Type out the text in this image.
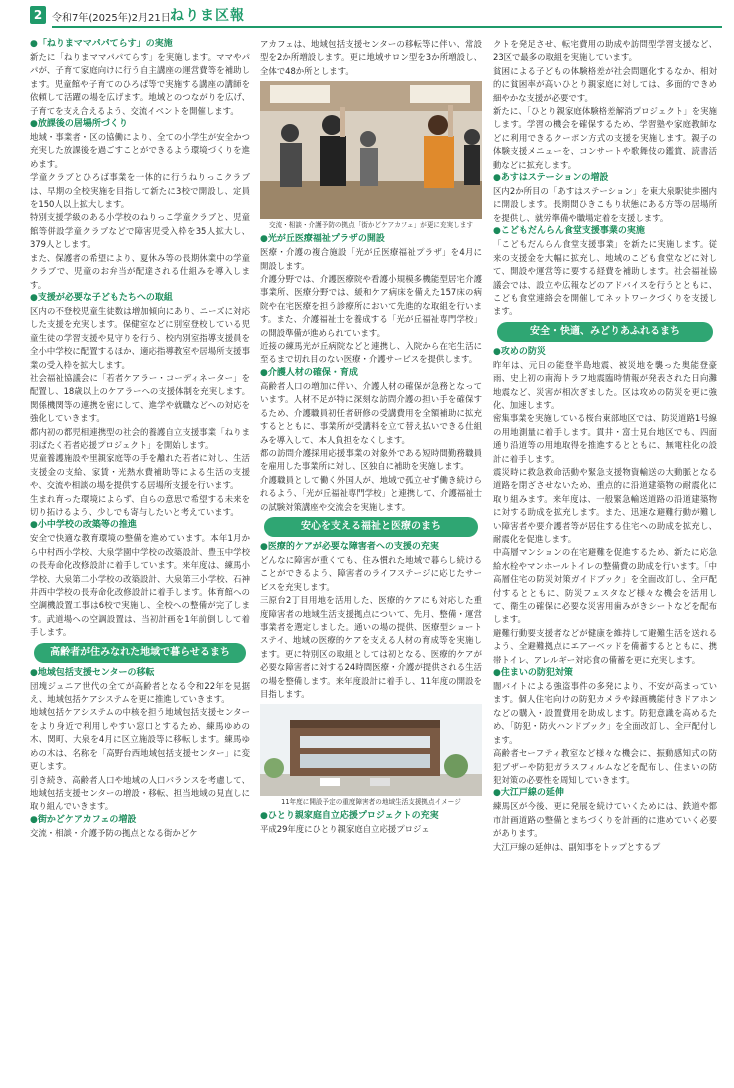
2 令和7年(2025年)2月21日 ねりま区報

●「ねりまママパパてらす」の実施

新たに「ねりまママパパてらす」を実施します。ママやパパが、子育て家庭向けに行う自主講座の運営費等を補助します。児童館や子育てのひろば等で実施する講座の講師を依頼して活躍の場を広げます。地域とのつながりを広げ、子育てを支え合えるよう、交流イベントを開催します。

●放課後の居場所づくり

地域・事業者・区の協働により、全ての小学生が安全かつ充実した放課後を過ごすことができるよう環境づくりを進めます。

学童クラブとひろば事業を一体的に行うねりっこクラブは、早期の全校実施を目指して新たに3校で開設し、定員を150人以上拡大します。

特別支援学級のある小学校のねりっこ学童クラブと、児童館等併設学童クラブなどで障害児受入枠を35人拡大し、379人とします。

また、保護者の希望により、夏休み等の長期休業中の学童クラブで、児童のお弁当が配達される仕組みを導入します。

●支援が必要な子どもたちへの取組

区内の不登校児童生徒数は増加傾向にあり、ニーズに対応した支援を充実します。保健室などに別室登校している児童生徒の学習支援や見守りを行う、校内別室指導支援員を全小中学校に配置するほか、適応指導教室や居場所支援事業の受入枠を拡大します。

社会福祉協議会に「若者ケアラー・コーディネーター」を配置し、18歳以上のケアラーへの支援体制を充実します。関係機関等の連携を密にして、進学や就職などへの対応を強化していきます。

都内初の都児相連携型の社会的養護自立支援事業「ねりま羽ばたく若者応援プロジェクト」を開始します。

児童養護施設や里親家庭等の手を離れた若者に対し、生活支援金の支給、家賃・光熱水費補助等による生活の支援や、交流や相談の場を提供する居場所支援を行います。

生まれ育った環境によらず、自らの意思で希望する未来を切り拓けるよう、少しでも寄与したいと考えています。

●小中学校の改築等の推進

安全で快適な教育環境の整備を進めています。本年1月から中村西小学校、大泉学園中学校の改築設計、豊玉中学校の長寿命化改修設計に着手しています。来年度は、練馬小学校、大泉第二小学校の改築設計、大泉第三小学校、石神井西中学校の長寿命化改修設計に着手します。体育館への空調機設置工事は6校で実施し、全校への整備が完了します。武道場への空調設置は、当初計画を1年前倒しして着手します。

高齢者が住みなれた地域で暮らせるまち

●地域包括支援センターの移転

団塊ジュニア世代の全てが高齢者となる令和22年を見据え、地域包括ケアシステムを更に推進していきます。

地域包括ケアシステムの中核を担う地域包括支援センターをより身近で利用しやすい窓口とするため、練馬ゆめの木、関町、大泉を4月に区立施設等に移転します。練馬ゆめの木は、名称を「高野台西地域包括支援センター」に変更します。

引き続き、高齢者人口や地域の人口バランスを考慮して、地域包括支援センターの増設・移転、担当地域の見直しに取り組んでいきます。

●街かどケアカフェの増設

交流・相談・介護予防の拠点となる街かどケ

アカフェは、地域包括支援センターの移転等に伴い、常設型を2か所増設します。更に地域サロン型を3か所増設し、全体で48か所とします。

交流・相談・介護予防の拠点「街かどケアカフェ」が更に充実します

●光が丘医療福祉プラザの開設

医療・介護の複合施設「光が丘医療福祉プラザ」を4月に開設します。

介護分野では、介護医療院や看護小規模多機能型居宅介護事業所、医療分野では、緩和ケア病床を備えた157床の病院や在宅医療を担う診療所において先進的な取組を行います。また、介護福祉士を養成する「光が丘福祉専門学校」の開設準備が進められています。

近接の練馬光が丘病院などと連携し、入院から在宅生活に至るまで切れ目のない医療・介護サービスを提供します。

●介護人材の確保・育成

高齢者人口の増加に伴い、介護人材の確保が急務となっています。人材不足が特に深刻な訪問介護の担い手を確保するため、介護職員初任者研修の受講費用を全額補助に拡充するとともに、事業所が受講料を立て替え払いできる仕組みを導入して、本人負担をなくします。

都の訪問介護採用応援事業の対象外である短時間勤務職員を雇用した事業所に対し、区独自に補助を実施します。

介護職員として働く外国人が、地域で孤立せず働き続けられるよう、「光が丘福祉専門学校」と連携して、介護福祉士の試験対策講座や交流会を実施します。

安心を支える福祉と医療のまち

●医療的ケアが必要な障害者への支援の充実

どんなに障害が重くても、住み慣れた地域で暮らし続けることができるよう、障害者のライフステージに応じたサービスを充実します。

三原台2丁目用地を活用した、医療的ケアにも対応した重度障害者の地域生活支援拠点について、先月、整備・運営事業者を選定しました。通いの場の提供、医療型ショートステイ、地域の医療的ケアを支える人材の育成等を実施します。更に特別区の取組としては初となる、医療的ケアが必要な障害者に対する24時間医療・介護が提供される生活の場を整備します。来年度設計に着手し、11年度の開設を目指します。

11年度に開設予定の重度障害者の地域生活支援拠点イメージ

●ひとり親家庭自立応援プロジェクトの充実

平成29年度にひとり親家庭自立応援プロジェ

クトを発足させ、転宅費用の助成や訪問型学習支援など、23区で最多の取組を実施しています。

貧困による子どもの体験格差が社会問題化するなか、相対的に貧困率が高いひとり親家庭に対しては、多面的できめ細やかな支援が必要です。

新たに、「ひとり親家庭体験格差解消プロジェクト」を実施します。学習の機会を確保するため、学習塾や家庭教師などに利用できるクーポン方式の支援を実施します。親子の体験支援メニューを、コンサートや歌舞伎の鑑賞、読書活動などに拡充します。

●あすはステーションの増設

区内2か所目の「あすはステーション」を東大泉駅徒歩圏内に開設します。長期間ひきこもり状態にある方等の居場所を提供し、就労準備や職場定着を支援します。

●こどもだんらん食堂支援事業の実施

「こどもだんらん食堂支援事業」を新たに実施します。従来の支援金を大幅に拡充し、地域のこども食堂などに対して、開設や運営等に要する経費を補助します。社会福祉協議会では、設立や広報などのアドバイスを行うとともに、こども食堂連絡会を開催してネットワークづくりを支援します。

安全・快適、みどりあふれるまち

●攻めの防災

昨年は、元日の能登半島地震、被災地を襲った奥能登豪雨、史上初の南海トラフ地震臨時情報が発表された日向灘地震など、災害が相次ぎました。区は攻めの防災を更に強化、加速します。

密集事業を実施している桜台東部地区では、防災道路1号線の用地測量に着手します。貫井・富士見台地区でも、四面通り沿道等の用地取得を推進するとともに、無電柱化の設計に着手します。

震災時に救急救命活動や緊急支援物資輸送の大動脈となる道路を閉ざさせないため、重点的に沿道建築物の耐震化に取り組みます。来年度は、一般緊急輸送道路の沿道建築物に対する助成を拡充します。また、迅速な避難行動が難しい障害者や要介護者等が居住する住宅への助成を拡充し、耐震化を促進します。

中高層マンションの在宅避難を促進するため、新たに応急給水栓やマンホールトイレの整備費の助成を行います。「中高層住宅の防災対策ガイドブック」を全面改訂し、全戸配付するとともに、防災フェスタなど様々な機会を活用して、衛生の確保に必要な災害用歯みがきシートなどを配布します。

避難行動要支援者などが健康を維持して避難生活を送れるよう、全避難拠点にエアーベッドを備蓄するとともに、携帯トイレ、アレルギー対応食の備蓄を更に充実します。

●住まいの防犯対策

闇バイトによる強盗事件の多発により、不安が高まっています。個人住宅向けの防犯カメラや録画機能付きドアホンなどの購入・設置費用を助成します。防犯意識を高めるため、「防犯・防火ハンドブック」を全面改訂し、全戸配付します。

高齢者セーフティ教室など様々な機会に、振動感知式の防犯ブザーや防犯ガラスフィルムなどを配布し、住まいの防犯対策の必要性を周知していきます。

●大江戸線の延伸

練馬区が今後、更に発展を続けていくためには、鉄道や都市計画道路の整備とまちづくりを計画的に進めていく必要があります。

大江戸線の延伸は、副知事をトップとするプ
